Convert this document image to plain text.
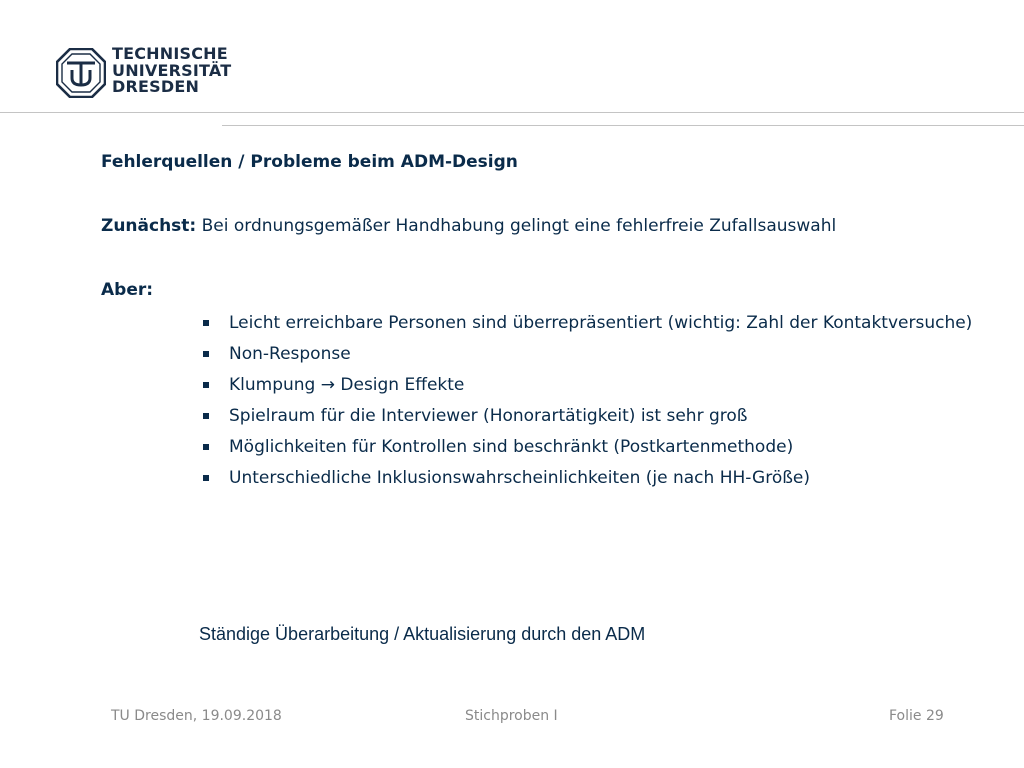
TECHNISCHE
UNIVERSITÄT
DRESDEN
Fehlerquellen / Probleme beim ADM-Design
Zunächst: Bei ordnungsgemäßer Handhabung gelingt eine fehlerfreie Zufallsauswahl
Aber:
Leicht erreichbare Personen sind überrepräsentiert (wichtig: Zahl der Kontaktversuche)
Non-Response
Klumpung → Design Effekte
Spielraum für die Interviewer (Honorartätigkeit) ist sehr groß
Möglichkeiten für Kontrollen sind beschränkt (Postkartenmethode)
Unterschiedliche Inklusionswahrscheinlichkeiten (je nach HH-Größe)
Ständige Überarbeitung / Aktualisierung durch den ADM
TU Dresden, 19.09.2018	Stichproben I	Folie 29
